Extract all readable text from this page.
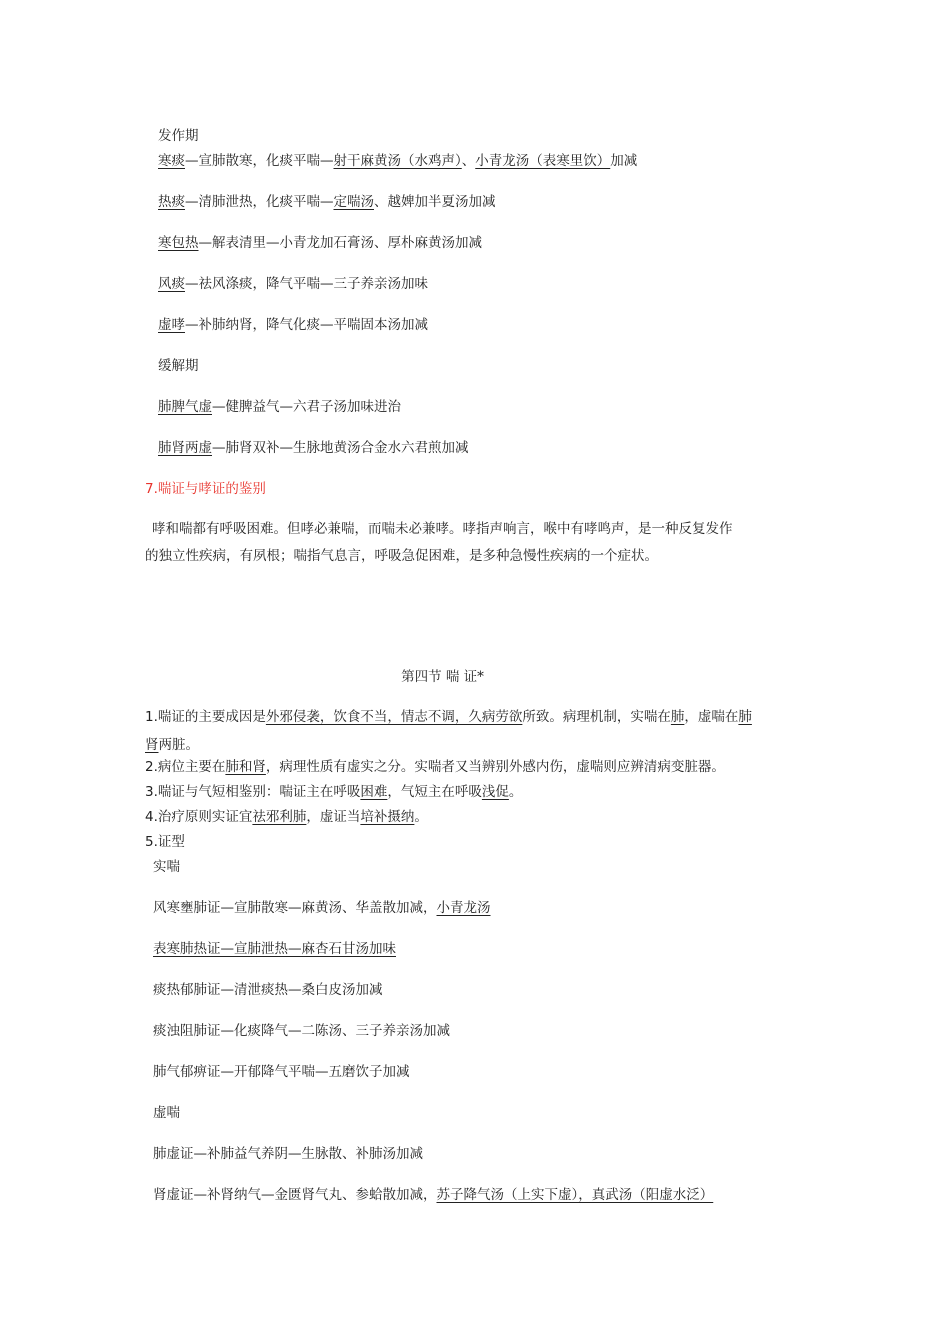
发作期
寒痰—宣肺散寒，化痰平喘—射干麻黄汤（水鸡声）、小青龙汤（表寒里饮）加减
热痰—清肺泄热，化痰平喘—定喘汤、越婢加半夏汤加减
寒包热—解表清里—小青龙加石膏汤、厚朴麻黄汤加减
风痰—祛风涤痰，降气平喘—三子养亲汤加味
虚哮—补肺纳肾，降气化痰—平喘固本汤加减
缓解期
肺脾气虚—健脾益气—六君子汤加味进治
肺肾两虚—肺肾双补—生脉地黄汤合金水六君煎加减
7.喘证与哮证的鉴别
哮和喘都有呼吸困难。但哮必兼喘，而喘未必兼哮。哮指声响言，喉中有哮鸣声，是一种反复发作
的独立性疾病，有夙根；喘指气息言，呼吸急促困难，是多种急慢性疾病的一个症状。
第四节 喘 证*
1.喘证的主要成因是外邪侵袭，饮食不当，情志不调，久病劳欲所致。病理机制，实喘在肺，虚喘在肺肾两脏。
2.病位主要在肺和肾，病理性质有虚实之分。实喘者又当辨别外感内伤，虚喘则应辨清病变脏器。
3.喘证与气短相鉴别：喘证主在呼吸困难，气短主在呼吸浅促。
4.治疗原则实证宜祛邪利肺，虚证当培补摄纳。
5.证型
实喘
风寒壅肺证—宣肺散寒—麻黄汤、华盖散加减，小青龙汤
表寒肺热证—宣肺泄热—麻杏石甘汤加味
痰热郁肺证—清泄痰热—桑白皮汤加减
痰浊阻肺证—化痰降气—二陈汤、三子养亲汤加减
肺气郁痹证—开郁降气平喘—五磨饮子加减
虚喘
肺虚证—补肺益气养阴—生脉散、补肺汤加减
肾虚证—补肾纳气—金匮肾气丸、参蛤散加减，苏子降气汤（上实下虚），真武汤（阳虚水泛）
